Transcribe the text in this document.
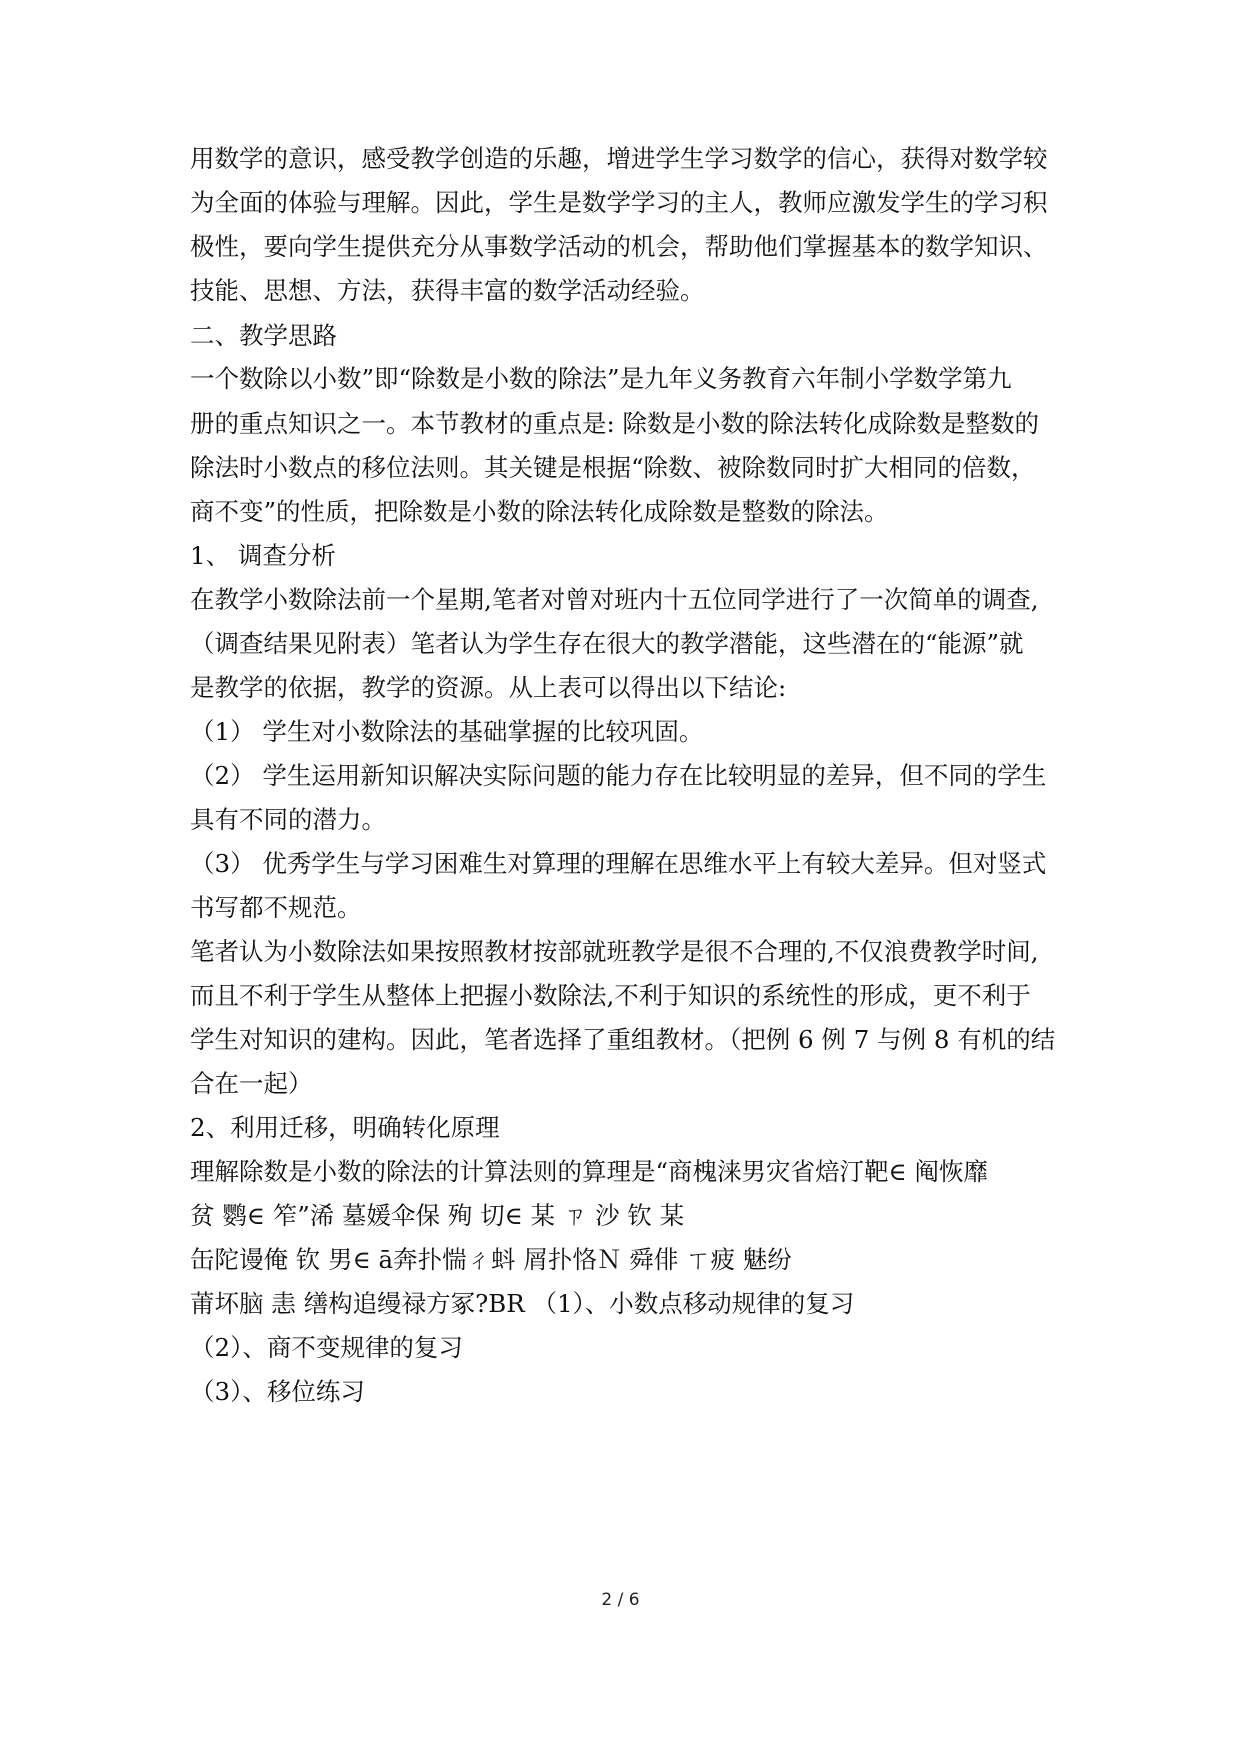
用数学的意识，感受教学创造的乐趣，增进学生学习数学的信心，获得对数学较
为全面的体验与理解。因此，学生是数学学习的主人，教师应激发学生的学习积
极性，要向学生提供充分从事数学活动的机会，帮助他们掌握基本的数学知识、
技能、思想、方法，获得丰富的数学活动经验。
二、教学思路
一个数除以小数”即“除数是小数的除法”是九年义务教育六年制小学数学第九
册的重点知识之一。本节教材的重点是: 除数是小数的除法转化成除数是整数的
除法时小数点的移位法则。其关键是根据“除数、被除数同时扩大相同的倍数，
商不变”的性质，把除数是小数的除法转化成除数是整数的除法。
1、 调查分析
在教学小数除法前一个星期,笔者对曾对班内十五位同学进行了一次简单的调查,
（调查结果见附表）笔者认为学生存在很大的教学潜能，这些潜在的“能源”就
是教学的依据，教学的资源。从上表可以得出以下结论:
（1） 学生对小数除法的基础掌握的比较巩固。
（2） 学生运用新知识解决实际问题的能力存在比较明显的差异，但不同的学生
具有不同的潜力。
（3） 优秀学生与学习困难生对算理的理解在思维水平上有较大差异。但对竖式
书写都不规范。
笔者认为小数除法如果按照教材按部就班教学是很不合理的,不仅浪费教学时间,
而且不利于学生从整体上把握小数除法,不利于知识的系统性的形成，更不利于
学生对知识的建构。因此，笔者选择了重组教材。（把例 6 例 7 与例 8 有机的结
合在一起）
2、利用迁移，明确转化原理
理解除数是小数的除法的计算法则的算理是“商槐涞男灾省焙汀靶∈ 阄恢靡
贫 鹦∈ 笮”浠 墓媛伞保 殉 切∈ 某 ㄗ 沙 钦 某
缶陀谩俺 钦 男∈ ā奔扑惴ㄔ蚪 屑扑恪Ｎ 舜俳 ㄒ疲 魅纷
莆坏脑 恚 缮构追缦禄方冢?BR （1）、小数点移动规律的复习
（2）、商不变规律的复习
（3）、移位练习
2 / 6
